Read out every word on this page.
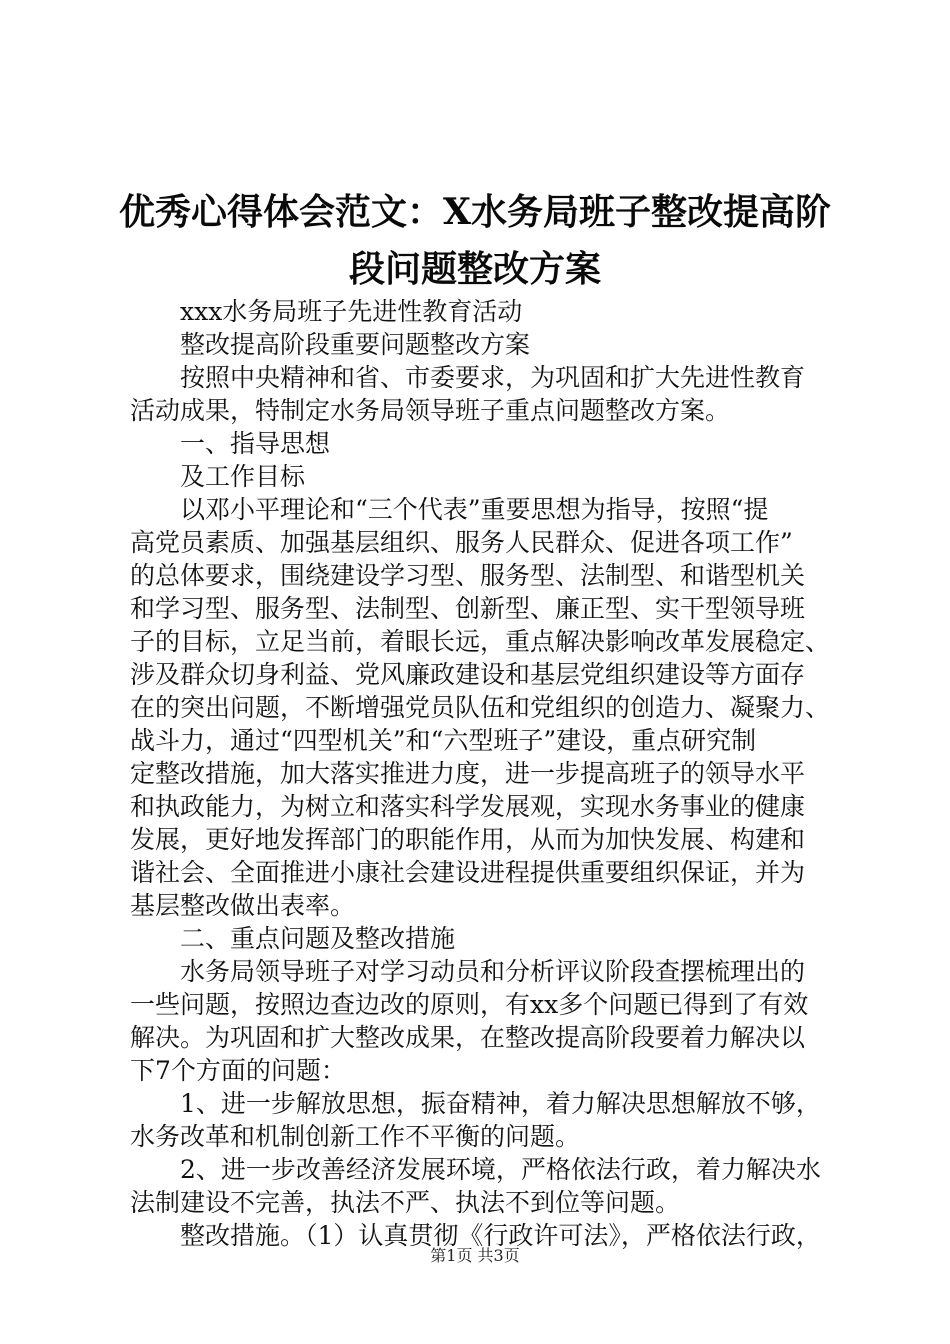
优秀心得体会范文：X水务局班子整改提高阶
段问题整改方案
xxx水务局班子先进性教育活动
整改提高阶段重要问题整改方案
按照中央精神和省、市委要求，为巩固和扩大先进性教育
活动成果，特制定水务局领导班子重点问题整改方案。
一、指导思想
及工作目标
以邓小平理论和“三个代表”重要思想为指导，按照“提
高党员素质、加强基层组织、服务人民群众、促进各项工作”
的总体要求，围绕建设学习型、服务型、法制型、和谐型机关
和学习型、服务型、法制型、创新型、廉正型、实干型领导班
子的目标，立足当前，着眼长远，重点解决影响改革发展稳定、
涉及群众切身利益、党风廉政建设和基层党组织建设等方面存
在的突出问题，不断增强党员队伍和党组织的创造力、凝聚力、
战斗力，通过“四型机关”和“六型班子”建设，重点研究制
定整改措施，加大落实推进力度，进一步提高班子的领导水平
和执政能力，为树立和落实科学发展观，实现水务事业的健康
发展，更好地发挥部门的职能作用，从而为加快发展、构建和
谐社会、全面推进小康社会建设进程提供重要组织保证，并为
基层整改做出表率。
二、重点问题及整改措施
水务局领导班子对学习动员和分析评议阶段查摆梳理出的
一些问题，按照边查边改的原则，有xx多个问题已得到了有效
解决。为巩固和扩大整改成果，在整改提高阶段要着力解决以
下7个方面的问题：
1、进一步解放思想，振奋精神，着力解决思想解放不够，
水务改革和机制创新工作不平衡的问题。
2、进一步改善经济发展环境，严格依法行政，着力解决水
法制建设不完善，执法不严、执法不到位等问题。
整改措施。（1）认真贯彻《行政许可法》，严格依法行政，
第1页 共3页
